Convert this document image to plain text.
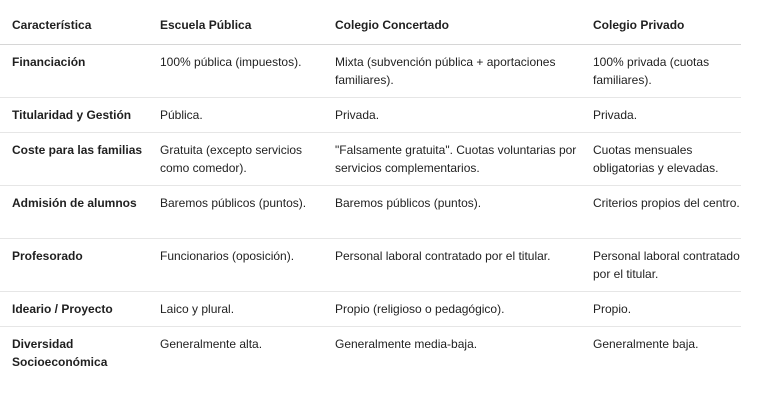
Característica	Escuela Pública	Colegio Concertado	Colegio Privado
Financiación	100% pública (impuestos).	Mixta (subvención pública + aportaciones familiares).	100% privada (cuotas familiares).
Titularidad y Gestión	Pública.	Privada.	Privada.
Coste para las familias	Gratuita (excepto servicios como comedor).	"Falsamente gratuita". Cuotas voluntarias por servicios complementarios.	Cuotas mensuales obligatorias y elevadas.
Admisión de alumnos	Baremos públicos (puntos).	Baremos públicos (puntos).	Criterios propios del centro.
Profesorado	Funcionarios (oposición).	Personal laboral contratado por el titular.	Personal laboral contratado por el titular.
Ideario / Proyecto	Laico y plural.	Propio (religioso o pedagógico).	Propio.
Diversidad Socioeconómica	Generalmente alta.	Generalmente media-baja.	Generalmente baja.
